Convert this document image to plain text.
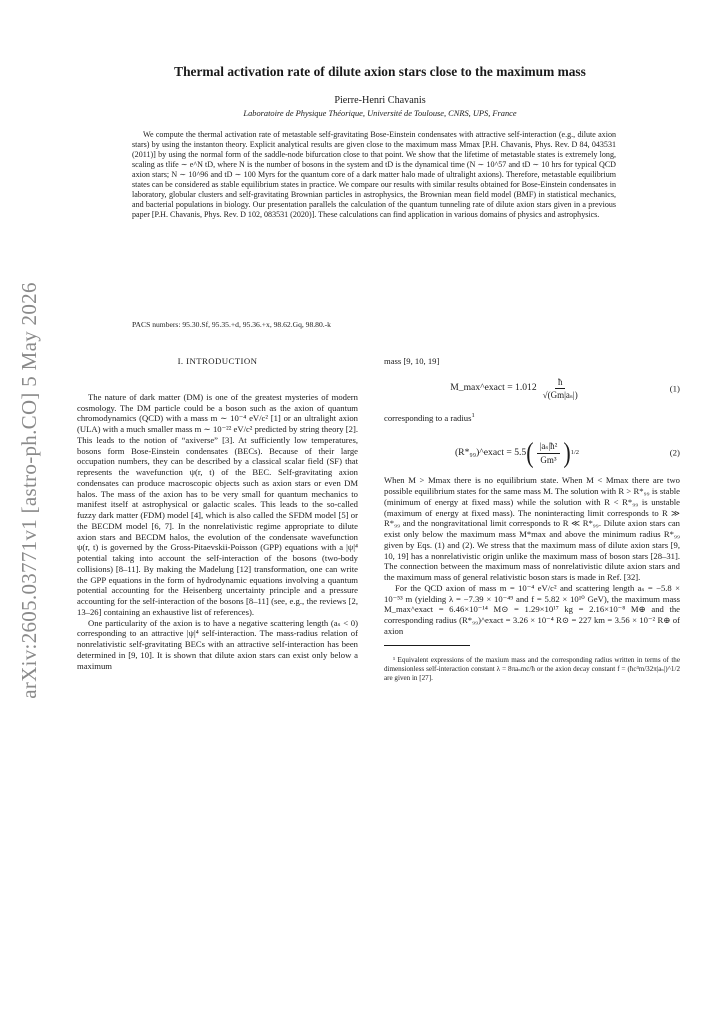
arXiv:2605.03771v1 [astro-ph.CO] 5 May 2026
Thermal activation rate of dilute axion stars close to the maximum mass
Pierre-Henri Chavanis
Laboratoire de Physique Théorique, Université de Toulouse, CNRS, UPS, France
We compute the thermal activation rate of metastable self-gravitating Bose-Einstein condensates with attractive self-interaction (e.g., dilute axion stars) by using the instanton theory. Explicit analytical results are given close to the maximum mass Mmax [P.H. Chavanis, Phys. Rev. D 84, 043531 (2011)] by using the normal form of the saddle-node bifurcation close to that point. We show that the lifetime of metastable states is extremely long, scaling as tlife ∼ e^N tD, where N is the number of bosons in the system and tD is the dynamical time (N ∼ 10^57 and tD ∼ 10 hrs for typical QCD axion stars; N ∼ 10^96 and tD ∼ 100 Myrs for the quantum core of a dark matter halo made of ultralight axions). Therefore, metastable equilibrium states can be considered as stable equilibrium states in practice. We compare our results with similar results obtained for Bose-Einstein condensates in laboratory, globular clusters and self-gravitating Brownian particles in astrophysics, the Brownian mean field model (BMF) in statistical mechanics, and bacterial populations in biology. Our presentation parallels the calculation of the quantum tunneling rate of dilute axion stars given in a previous paper [P.H. Chavanis, Phys. Rev. D 102, 083531 (2020)]. These calculations can find application in various domains of physics and astrophysics.
PACS numbers: 95.30.Sf, 95.35.+d, 95.36.+x, 98.62.Gq, 98.80.-k
I. INTRODUCTION

The nature of dark matter (DM) is one of the greatest mysteries of modern cosmology. The DM particle could be a boson such as the axion of quantum chromodynamics (QCD) with a mass m ∼ 10⁻⁴ eV/c² [1] or an ultralight axion (ULA) with a much smaller mass m ∼ 10⁻²² eV/c² predicted by string theory [2]. This leads to the notion of “axiverse” [3]. At sufficiently low temperatures, bosons form Bose-Einstein condensates (BECs). Because of their large occupation numbers, they can be described by a classical scalar field (SF) that represents the wavefunction ψ(r, t) of the BEC. Self-gravitating axion condensates can produce macroscopic objects such as axion stars or even DM halos. The mass of the axion has to be very small for quantum mechanics to manifest itself at astrophysical or galactic scales. This leads to the so-called fuzzy dark matter (FDM) model [4], which is also called the SFDM model [5] or the BECDM model [6, 7]. In the nonrelativistic regime appropriate to dilute axion stars and BECDM halos, the evolution of the condensate wavefunction ψ(r, t) is governed by the Gross-Pitaevskii-Poisson (GPP) equations with a |ψ|⁴ potential taking into account the self-interaction of the bosons (two-body collisions) [8–11]. By making the Madelung [12] transformation, one can write the GPP equations in the form of hydrodynamic equations involving a quantum potential accounting for the Heisenberg uncertainty principle and a pressure accounting for the self-interaction of the bosons [8–11] (see, e.g., the reviews [2, 13–26] containing an exhaustive list of references).

One particularity of the axion is to have a negative scattering length (aₛ < 0) corresponding to an attractive |ψ|⁴ self-interaction. The mass-radius relation of nonrelativistic self-gravitating BECs with an attractive self-interaction has been determined in [9, 10]. It is shown that dilute axion stars can exist only below a maximum

mass [9, 10, 19]

M_max^exact = $1.012 \frac{ħ}{\text{√(Gm|aₛ|)}}$	(1)

corresponding to a radius$^1$

(R*₉₉)^exact = 5.5 ( $\frac{\text{|aₛ|ħ²}}{\text{Gm³}}$ ) 1/2	(2)

When M > Mmax there is no equilibrium state. When M < Mmax there are two possible equilibrium states for the same mass M. The solution with R > R*₉₉ is stable (minimum of energy at fixed mass) while the solution with R < R*₉₉ is unstable (maximum of energy at fixed mass). The noninteracting limit corresponds to R ≫ R*₉₉ and the nongravitational limit corresponds to R ≪ R*₉₉. Dilute axion stars can exist only below the maximum mass M*max and above the minimum radius R*₉₉ given by Eqs. (1) and (2). We stress that the maximum mass of dilute axion stars [9, 10, 19] has a nonrelativistic origin unlike the maximum mass of boson stars [28–31]. The connection between the maximum mass of nonrelativistic dilute axion stars and the maximum mass of general relativistic boson stars is made in Ref. [32].

For the QCD axion of mass m = 10⁻⁴ eV/c² and scattering length aₛ = −5.8 × 10⁻⁵³ m (yielding λ = −7.39 × 10⁻⁴⁹ and f = 5.82 × 10¹⁰ GeV), the maximum mass M_max^exact = 6.46×10⁻¹⁴ M⊙ = 1.29×10¹⁷ kg = 2.16×10⁻⁸ M⊕ and the corresponding radius (R*₉₉)^exact = 3.26 × 10⁻⁴ R⊙ = 227 km = 3.56 × 10⁻² R⊕ of axion

¹ Equivalent expressions of the maxium mass and the corresponding radius written in terms of the dimensionless self-interaction constant λ = 8πaₛmc/ħ or the axion decay constant f = (ħc³m/32π|aₛ|)^1/2 are given in [27].
